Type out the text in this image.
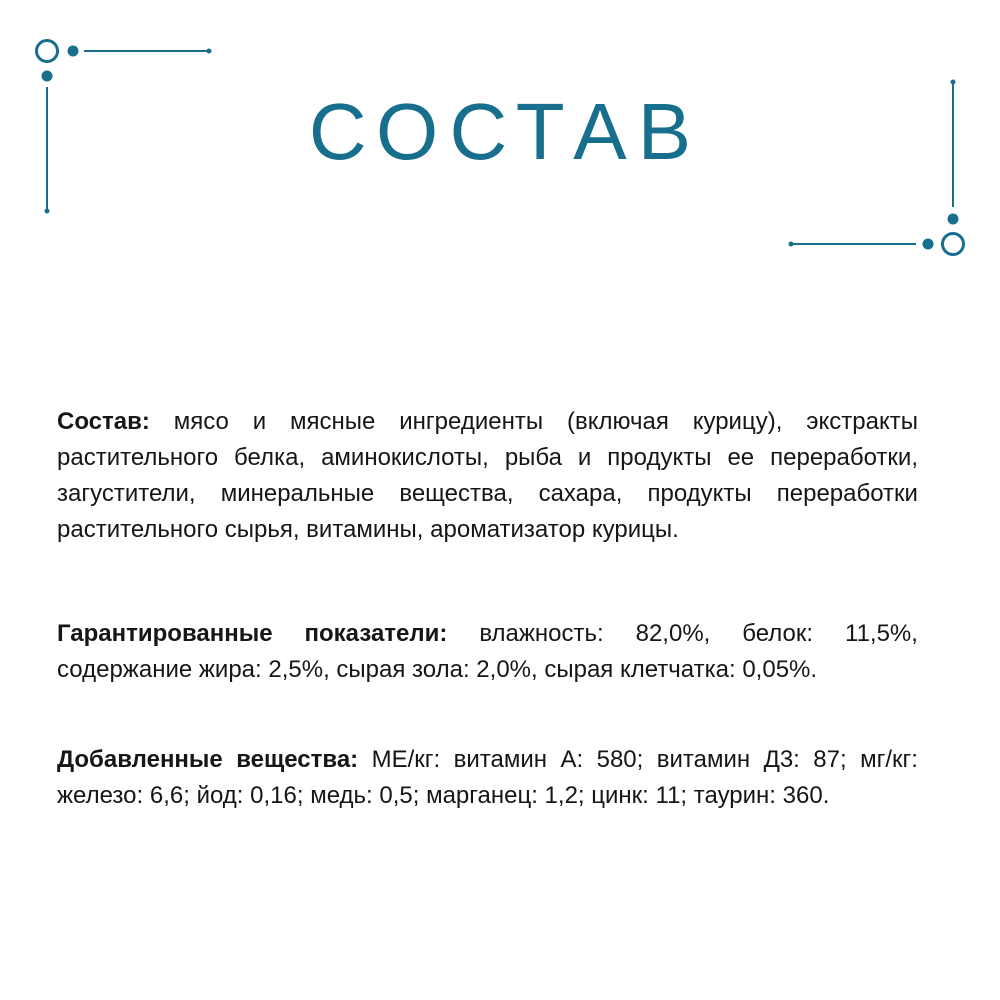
СОСТАВ
Состав: мясо и мясные ингредиенты (включая курицу), экстракты
растительного белка, аминокислоты, рыба и продукты ее переработки,
загустители, минеральные вещества, сахара, продукты переработки
растительного сырья, витамины, ароматизатор курицы.
Гарантированные показатели: влажность: 82,0%, белок: 11,5%,
содержание жира: 2,5%, сырая зола: 2,0%, сырая клетчатка: 0,05%.
Добавленные вещества: МЕ/кг: витамин А: 580; витамин Д3: 87; мг/кг:
железо: 6,6; йод: 0,16; медь: 0,5; марганец: 1,2; цинк: 11; таурин: 360.
